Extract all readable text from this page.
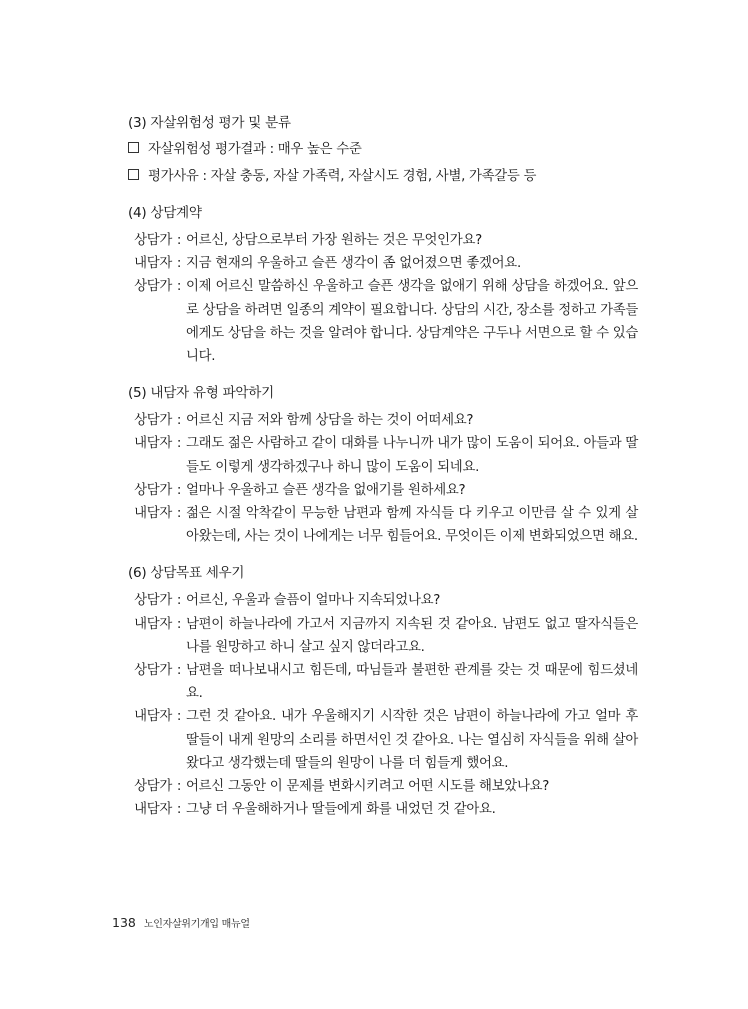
(3) 자살위험성 평가 및 분류
자살위험성 평가결과 : 매우 높은 수준
평가사유 : 자살 충동, 자살 가족력, 자살시도 경험, 사별, 가족갈등 등
(4) 상담계약
상담가 : 어르신, 상담으로부터 가장 원하는 것은 무엇인가요?
내담자 : 지금 현재의 우울하고 슬픈 생각이 좀 없어졌으면 좋겠어요.
상담가 : 이제 어르신 말씀하신 우울하고 슬픈 생각을 없애기 위해 상담을 하겠어요. 앞으로 상담을 하려면 일종의 계약이 필요합니다. 상담의 시간, 장소를 정하고 가족들에게도 상담을 하는 것을 알려야 합니다. 상담계약은 구두나 서면으로 할 수 있습니다.
(5) 내담자 유형 파악하기
상담가 : 어르신 지금 저와 함께 상담을 하는 것이 어떠세요?
내담자 : 그래도 젊은 사람하고 같이 대화를 나누니까 내가 많이 도움이 되어요. 아들과 딸들도 이렇게 생각하겠구나 하니 많이 도움이 되네요.
상담가 : 얼마나 우울하고 슬픈 생각을 없애기를 원하세요?
내담자 : 젊은 시절 악착같이 무능한 남편과 함께 자식들 다 키우고 이만큼 살 수 있게 살아왔는데, 사는 것이 나에게는 너무 힘들어요. 무엇이든 이제 변화되었으면 해요.
(6) 상담목표 세우기
상담가 : 어르신, 우울과 슬픔이 얼마나 지속되었나요?
내담자 : 남편이 하늘나라에 가고서 지금까지 지속된 것 같아요. 남편도 없고 딸자식들은 나를 원망하고 하니 살고 싶지 않더라고요.
상담가 : 남편을 떠나보내시고 힘든데, 따님들과 불편한 관계를 갖는 것 때문에 힘드셨네요.
내담자 : 그런 것 같아요. 내가 우울해지기 시작한 것은 남편이 하늘나라에 가고 얼마 후 딸들이 내게 원망의 소리를 하면서인 것 같아요. 나는 열심히 자식들을 위해 살아왔다고 생각했는데 딸들의 원망이 나를 더 힘들게 했어요.
상담가 : 어르신 그동안 이 문제를 변화시키려고 어떤 시도를 해보았나요?
내담자 : 그냥 더 우울해하거나 딸들에게 화를 내었던 것 같아요.
138 노인자살위기개입 매뉴얼
